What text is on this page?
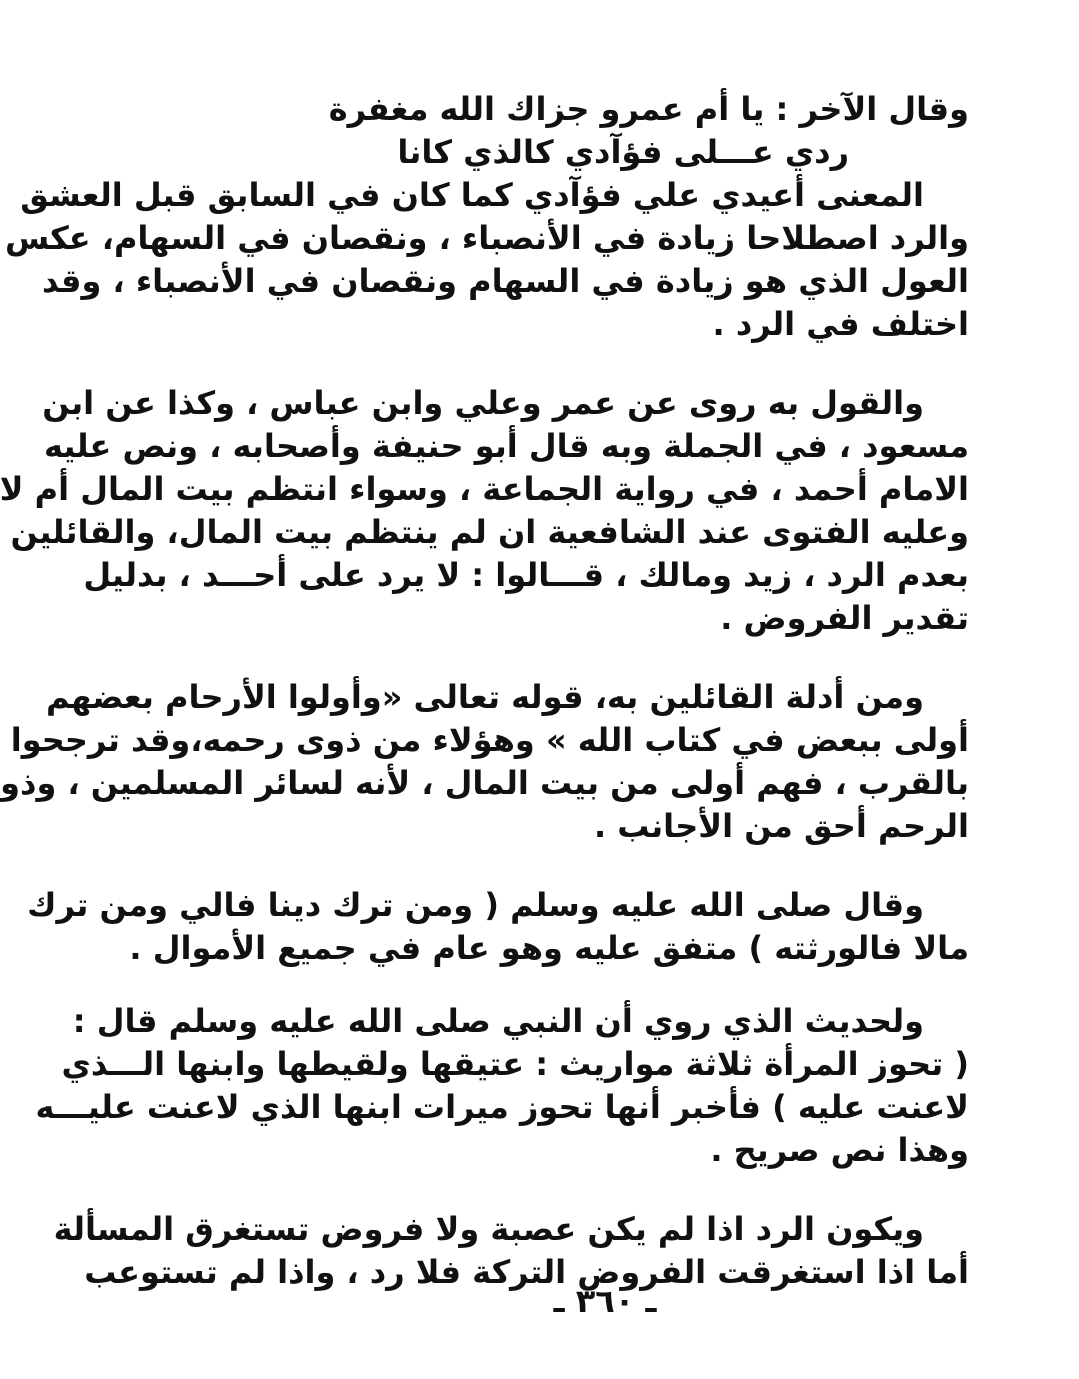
وقال الآخر : يا أم عمرو جزاك الله مغفرة
ردي عـــلى فؤآدي كالذي كانا
المعنى أعيدي علي فؤآدي كما كان في السابق قبل العشق
والرد اصطلاحا زيادة في الأنصباء ، ونقصان في السهام، عكس
العول الذي هو زيادة في السهام ونقصان في الأنصباء ، وقد
اختلف في الرد .
والقول به روى عن عمر وعلي وابن عباس ، وكذا عن ابن
مسعود ، في الجملة وبه قال أبو حنيفة وأصحابه ، ونص عليه
الامام أحمد ، في رواية الجماعة ، وسواء انتظم بيت المال أم لا
وعليه الفتوى عند الشافعية ان لم ينتظم بيت المال، والقائلين
بعدم الرد ، زيد ومالك ، قـــالوا : لا يرد على أحـــد ، بدليل
تقدير الفروض .
ومن أدلة القائلين به، قوله تعالى «وأولوا الأرحام بعضهم
أولى ببعض في كتاب الله » وهؤلاء من ذوى رحمه،وقد ترجحوا
بالقرب ، فهم أولى من بيت المال ، لأنه لسائر المسلمين ، وذو
الرحم أحق من الأجانب .
وقال صلى الله عليه وسلم ( ومن ترك دينا فالي ومن ترك
مالا فالورثته ) متفق عليه وهو عام في جميع الأموال .
ولحديث الذي روي أن النبي صلى الله عليه وسلم قال :
( تحوز المرأة ثلاثة مواريث : عتيقها ولقيطها وابنها الـــذي
لاعنت عليه ) فأخبر أنها تحوز ميرات ابنها الذي لاعنت عليـــه
وهذا نص صريح .
ويكون الرد اذا لم يكن عصبة ولا فروض تستغرق المسألة
أما اذا استغرقت الفروض التركة فلا رد ، واذا لم تستوعب
ـ ٣٦٠ ـ
